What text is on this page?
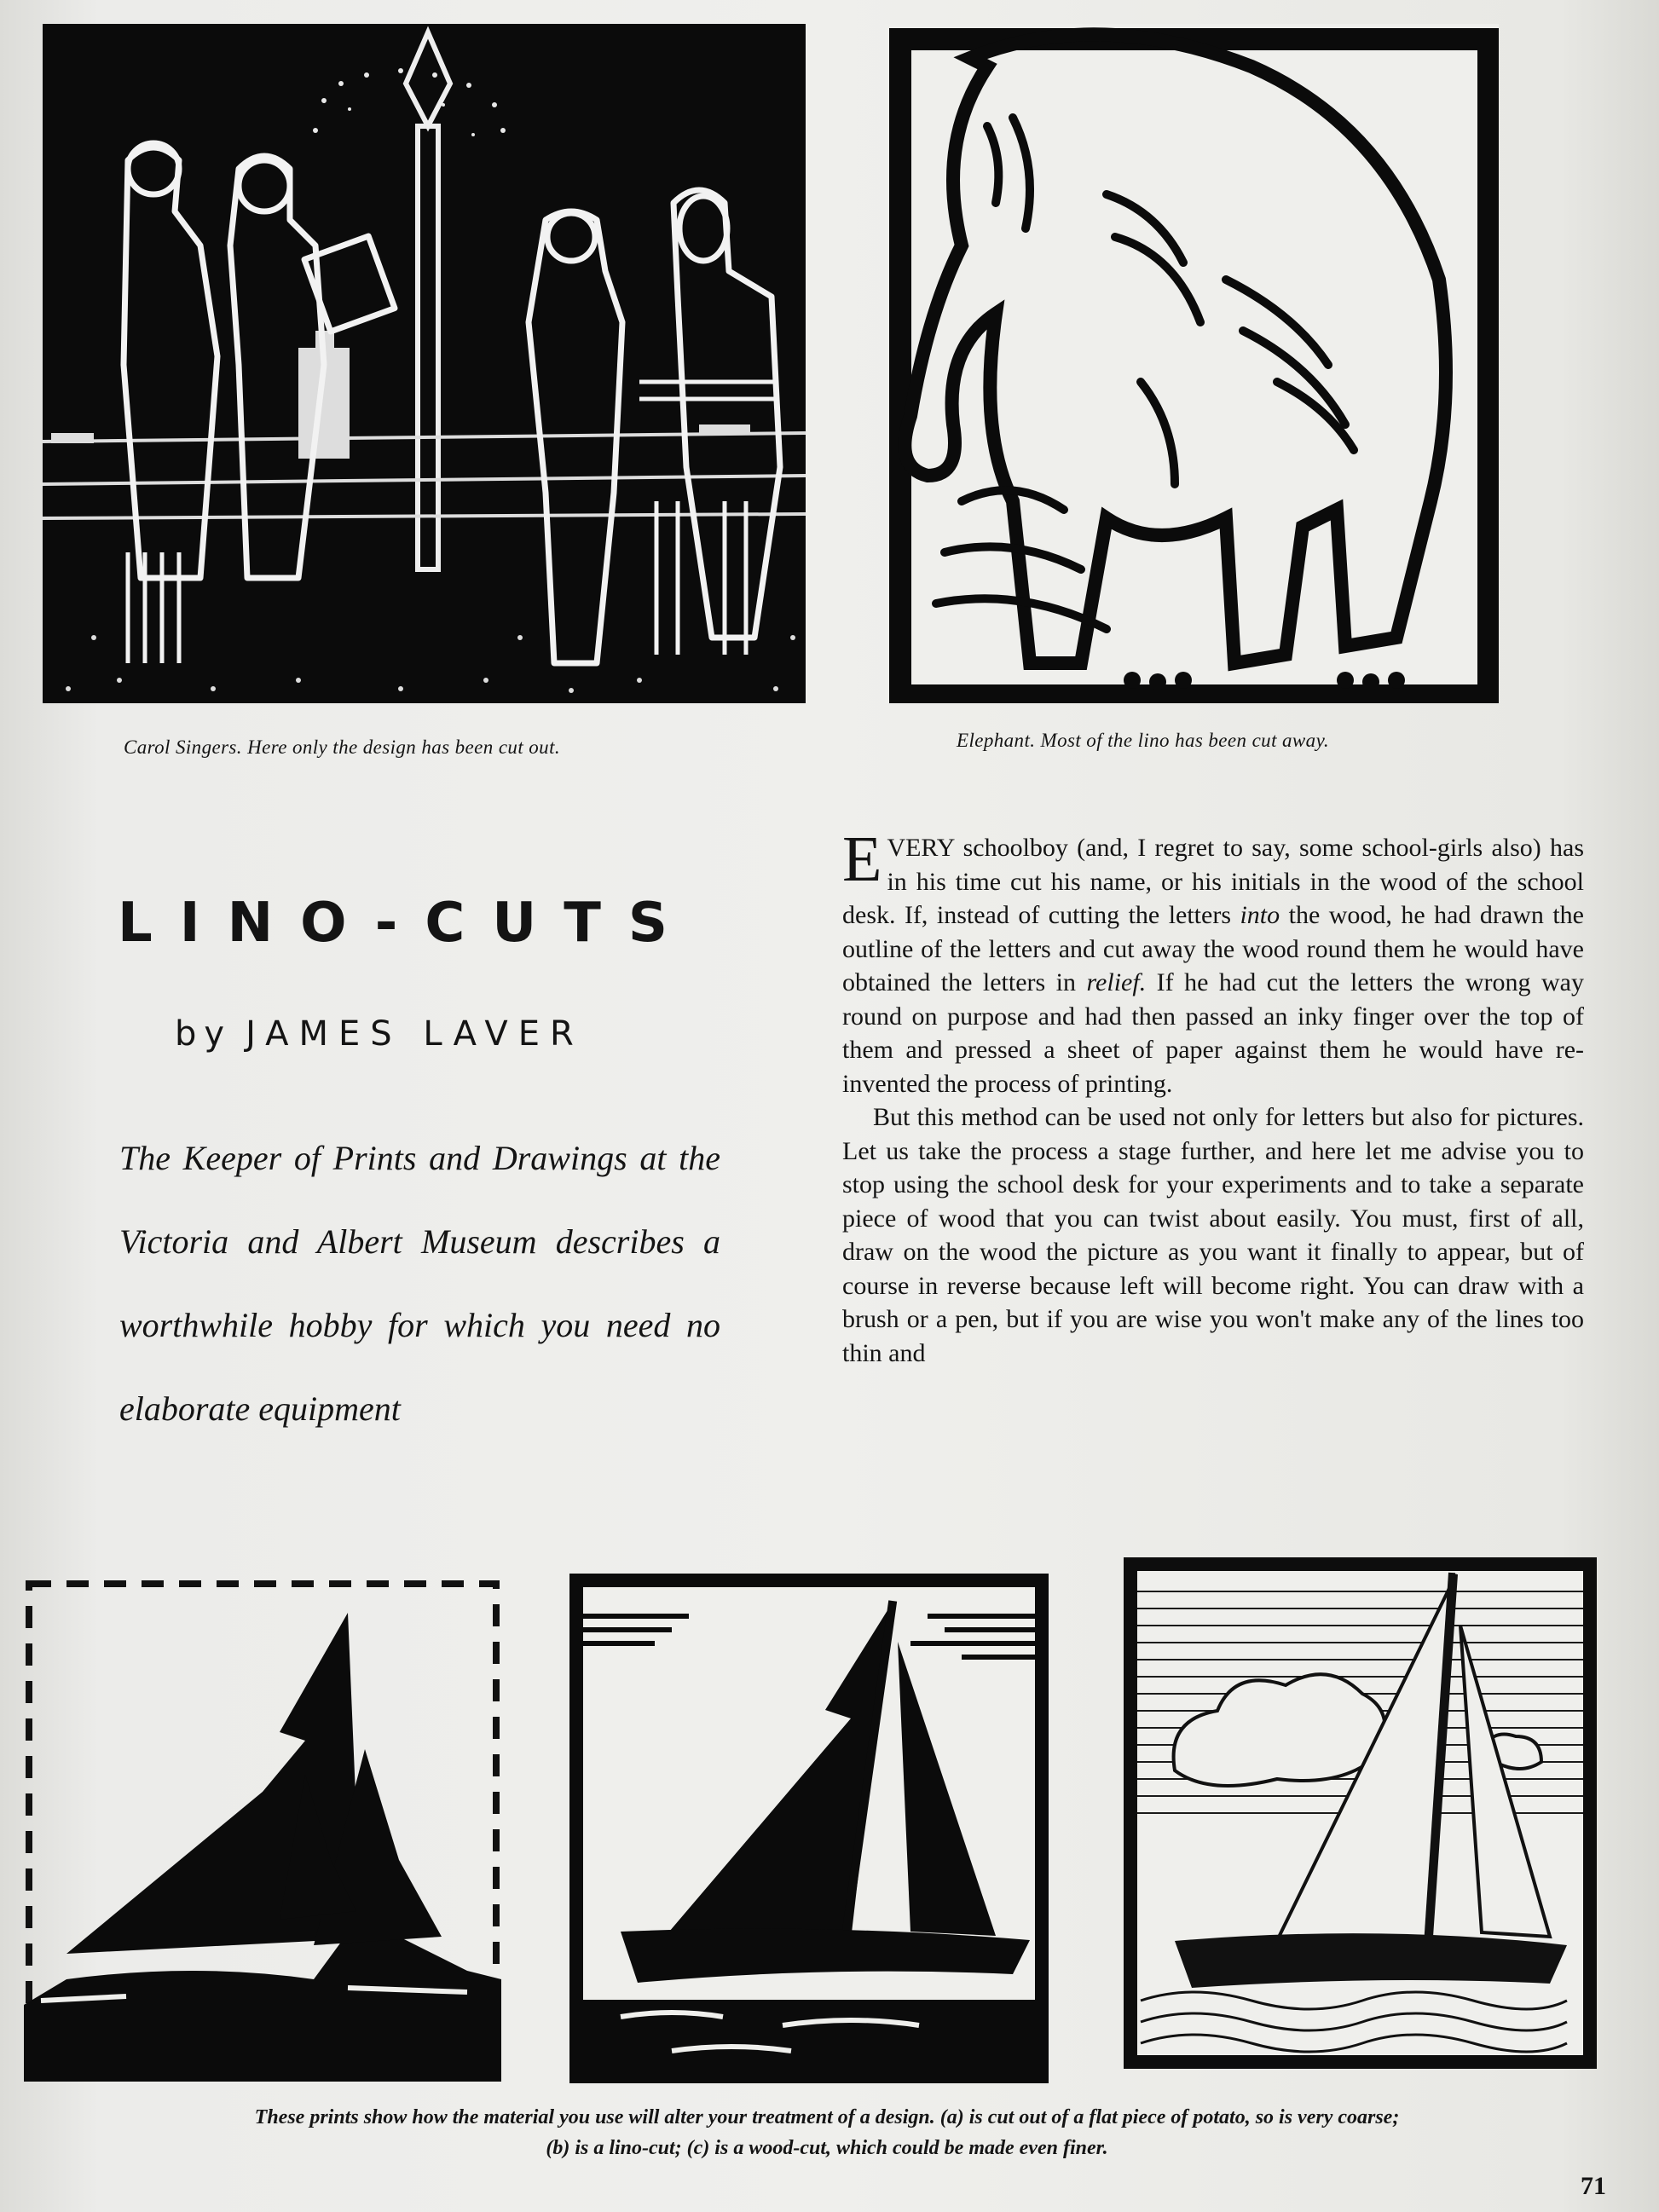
Carol Singers. Here only the design has been cut out.	Elephant. Most of the lino has been cut away.
LINO-CUTS
by JAMES LAVER
The Keeper of Prints and Drawings at the Victoria and Albert Museum describes a worthwhile hobby for which you need no elaborate equipment

EVERY schoolboy (and, I regret to say, some school-girls also) has in his time cut his name, or his initials in the wood of the school desk. If, instead of cutting the letters into the wood, he had drawn the outline of the letters and cut away the wood round them he would have obtained the letters in relief. If he had cut the letters the wrong way round on purpose and had then passed an inky finger over the top of them and pressed a sheet of paper against them he would have re-invented the process of printing.

But this method can be used not only for letters but also for pictures. Let us take the process a stage further, and here let me advise you to stop using the school desk for your experiments and to take a separate piece of wood that you can twist about easily. You must, first of all, draw on the wood the picture as you want it finally to appear, but of course in reverse because left will become right. You can draw with a brush or a pen, but if you are wise you won't make any of the lines too thin and

These prints show how the material you use will alter your treatment of a design. (a) is cut out of a flat piece of potato, so is very coarse;
(b) is a lino-cut; (c) is a wood-cut, which could be made even finer.
71
